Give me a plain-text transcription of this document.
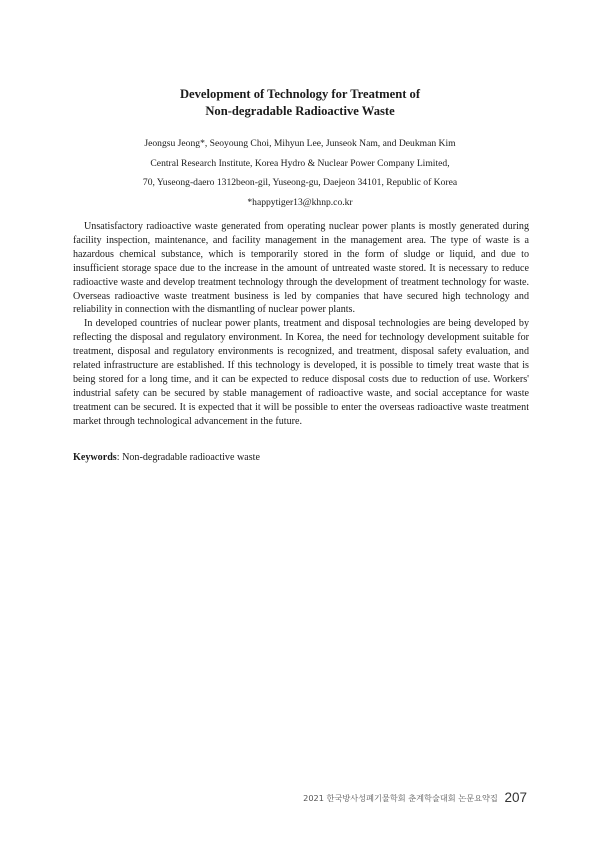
Development of Technology for Treatment of
Non-degradable Radioactive Waste
Jeongsu Jeong*, Seoyoung Choi, Mihyun Lee, Junseok Nam, and Deukman Kim
Central Research Institute, Korea Hydro & Nuclear Power Company Limited,
70, Yuseong-daero 1312beon-gil, Yuseong-gu, Daejeon 34101, Republic of Korea
*happytiger13@khnp.co.kr

Unsatisfactory radioactive waste generated from operating nuclear power plants is mostly generated during facility inspection, maintenance, and facility management in the management area. The type of waste is a hazardous chemical substance, which is temporarily stored in the form of sludge or liquid, and due to insufficient storage space due to the increase in the amount of untreated waste stored. It is necessary to reduce radioactive waste and develop treatment technology through the development of treatment technology for waste. Overseas radioactive waste treatment business is led by companies that have secured high technology and reliability in connection with the dismantling of nuclear power plants.

In developed countries of nuclear power plants, treatment and disposal technologies are being developed by reflecting the disposal and regulatory environment. In Korea, the need for technology development suitable for treatment, disposal and regulatory environments is recognized, and treatment, disposal safety evaluation, and related infrastructure are established. If this technology is developed, it is possible to timely treat waste that is being stored for a long time, and it can be expected to reduce disposal costs due to reduction of use. Workers' industrial safety can be secured by stable management of radioactive waste, and social acceptance for waste treatment can be secured. It is expected that it will be possible to enter the overseas radioactive waste treatment market through technological advancement in the future.

Keywords: Non-degradable radioactive waste
2021 한국방사성폐기물학회 춘계학술대회 논문요약집 207
